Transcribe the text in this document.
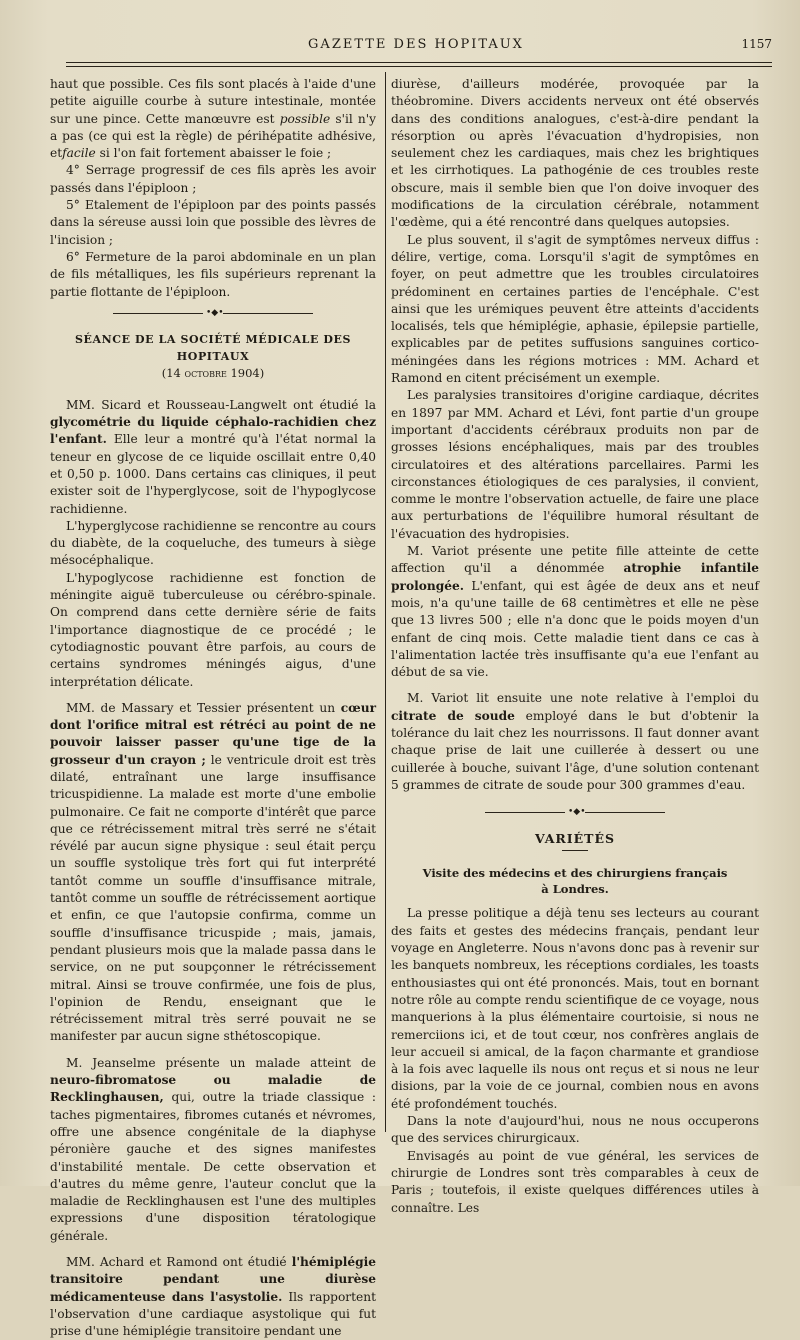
GAZETTE DES HOPITAUX	1157

haut que possible. Ces fils sont placés à l'aide d'une petite aiguille courbe à suture intestinale, montée sur une pince. Cette manœuvre est possible s'il n'y a pas (ce qui est la règle) de périhépatite adhésive, etfacile si l'on fait fortement abaisser le foie ;

4° Serrage progressif de ces fils après les avoir passés dans l'épiploon ;

5° Etalement de l'épiploon par des points passés dans la séreuse aussi loin que possible des lèvres de l'incision ;

6° Fermeture de la paroi abdominale en un plan de fils métalliques, les fils supérieurs reprenant la partie flottante de l'épiploon.

•◆•
SÉANCE DE LA SOCIÉTÉ MÉDICALE DES HOPITAUX
(14 octobre 1904)

MM. Sicard et Rousseau-Langwelt ont étudié la glycométrie du liquide céphalo-rachidien chez l'enfant. Elle leur a montré qu'à l'état normal la teneur en glycose de ce liquide oscillait entre 0,40 et 0,50 p. 1000. Dans certains cas cliniques, il peut exister soit de l'hyperglycose, soit de l'hypoglycose rachidienne.

L'hyperglycose rachidienne se rencontre au cours du diabète, de la coqueluche, des tumeurs à siège mésocéphalique.

L'hypoglycose rachidienne est fonction de méningite aiguë tuberculeuse ou cérébro-spinale. On comprend dans cette dernière série de faits l'importance diagnostique de ce procédé ; le cytodiagnostic pouvant être parfois, au cours de certains syndromes méningés aigus, d'une interprétation délicate.

MM. de Massary et Tessier présentent un cœur dont l'orifice mitral est rétréci au point de ne pouvoir laisser passer qu'une tige de la grosseur d'un crayon ; le ventricule droit est très dilaté, entraînant une large insuffisance tricuspidienne. La malade est morte d'une embolie pulmonaire. Ce fait ne comporte d'intérêt que parce que ce rétrécissement mitral très serré ne s'était révélé par aucun signe physique : seul était perçu un souffle systolique très fort qui fut interprété tantôt comme un souffle d'insuffisance mitrale, tantôt comme un souffle de rétrécissement aortique et enfin, ce que l'autopsie confirma, comme un souffle d'insuffisance tricuspide ; mais, jamais, pendant plusieurs mois que la malade passa dans le service, on ne put soupçonner le rétrécissement mitral. Ainsi se trouve confirmée, une fois de plus, l'opinion de Rendu, enseignant que le rétrécissement mitral très serré pouvait ne se manifester par aucun signe sthétoscopique.

M. Jeanselme présente un malade atteint de neuro-fibromatose ou maladie de Recklinghausen, qui, outre la triade classique : taches pigmentaires, fibromes cutanés et névromes, offre une absence congénitale de la diaphyse péronière gauche et des signes manifestes d'instabilité mentale. De cette observation et d'autres du même genre, l'auteur conclut que la maladie de Recklinghausen est l'une des multiples expressions d'une disposition tératologique générale.

MM. Achard et Ramond ont étudié l'hémiplégie transitoire pendant une diurèse médicamenteuse dans l'asystolie. Ils rapportent l'observation d'une cardiaque asystolique qui fut prise d'une hémiplégie transitoire pendant une

diurèse, d'ailleurs modérée, provoquée par la théobromine. Divers accidents nerveux ont été observés dans des conditions analogues, c'est-à-dire pendant la résorption ou après l'évacuation d'hydropisies, non seulement chez les cardiaques, mais chez les brightiques et les cirrhotiques. La pathogénie de ces troubles reste obscure, mais il semble bien que l'on doive invoquer des modifications de la circulation cérébrale, notamment l'œdème, qui a été rencontré dans quelques autopsies.

Le plus souvent, il s'agit de symptômes nerveux diffus : délire, vertige, coma. Lorsqu'il s'agit de symptômes en foyer, on peut admettre que les troubles circulatoires prédominent en certaines parties de l'encéphale. C'est ainsi que les urémiques peuvent être atteints d'accidents localisés, tels que hémiplégie, aphasie, épilepsie partielle, explicables par de petites suffusions sanguines cortico-méningées dans les régions motrices : MM. Achard et Ramond en citent précisément un exemple.

Les paralysies transitoires d'origine cardiaque, décrites en 1897 par MM. Achard et Lévi, font partie d'un groupe important d'accidents cérébraux produits non par de grosses lésions encéphaliques, mais par des troubles circulatoires et des altérations parcellaires. Parmi les circonstances étiologiques de ces paralysies, il convient, comme le montre l'observation actuelle, de faire une place aux perturbations de l'équilibre humoral résultant de l'évacuation des hydropisies.

M. Variot présente une petite fille atteinte de cette affection qu'il a dénommée atrophie infantile prolongée. L'enfant, qui est âgée de deux ans et neuf mois, n'a qu'une taille de 68 centimètres et elle ne pèse que 13 livres 500 ; elle n'a donc que le poids moyen d'un enfant de cinq mois. Cette maladie tient dans ce cas à l'alimentation lactée très insuffisante qu'a eue l'enfant au début de sa vie.

M. Variot lit ensuite une note relative à l'emploi du citrate de soude employé dans le but d'obtenir la tolérance du lait chez les nourrissons. Il faut donner avant chaque prise de lait une cuillerée à dessert ou une cuillerée à bouche, suivant l'âge, d'une solution contenant 5 grammes de citrate de soude pour 300 grammes d'eau.

•◆•
VARIÉTÉS
Visite des médecins et des chirurgiens français
à Londres.

La presse politique a déjà tenu ses lecteurs au courant des faits et gestes des médecins français, pendant leur voyage en Angleterre. Nous n'avons donc pas à revenir sur les banquets nombreux, les réceptions cordiales, les toasts enthousiastes qui ont été prononcés. Mais, tout en bornant notre rôle au compte rendu scientifique de ce voyage, nous manquerions à la plus élémentaire courtoisie, si nous ne remerciions ici, et de tout cœur, nos confrères anglais de leur accueil si amical, de la façon charmante et grandiose à la fois avec laquelle ils nous ont reçus et si nous ne leur disions, par la voie de ce journal, combien nous en avons été profondément touchés.

Dans la note d'aujourd'hui, nous ne nous occuperons que des services chirurgicaux.

Envisagés au point de vue général, les services de chirurgie de Londres sont très comparables à ceux de Paris ; toutefois, il existe quelques différences utiles à connaître. Les
